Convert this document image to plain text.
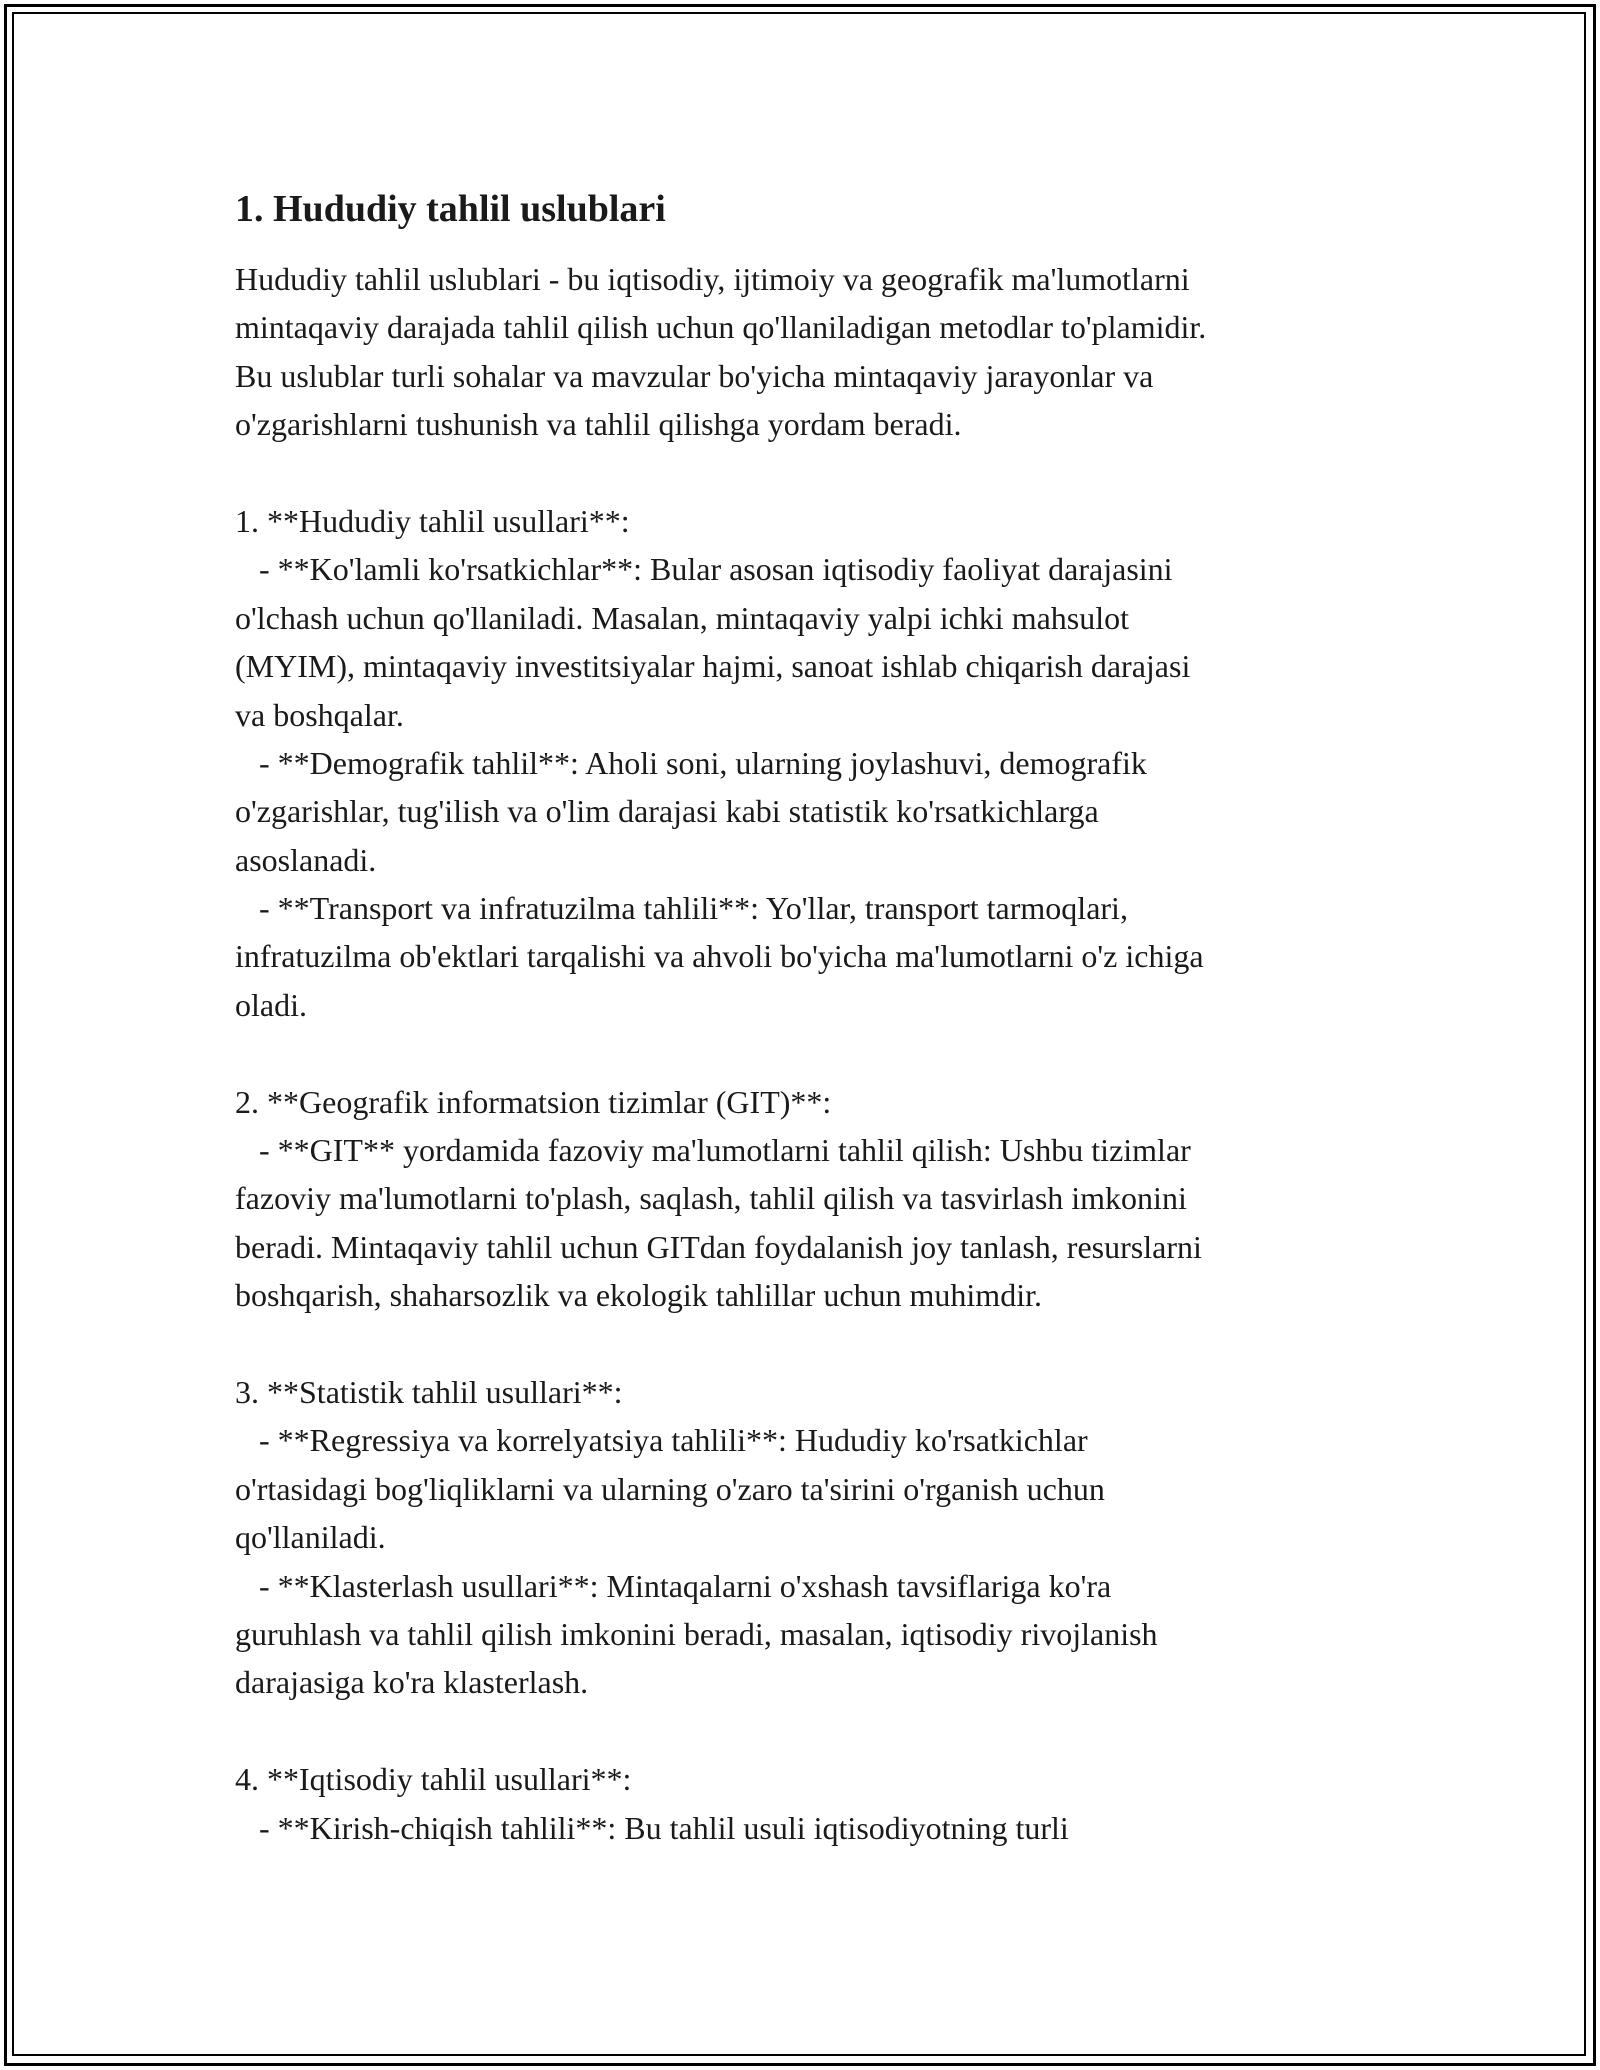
1. Hududiy tahlil uslublari

Hududiy tahlil uslublari - bu iqtisodiy, ijtimoiy va geografik ma'lumotlarni

mintaqaviy darajada tahlil qilish uchun qo'llaniladigan metodlar to'plamidir.

Bu uslublar turli sohalar va mavzular bo'yicha mintaqaviy jarayonlar va

o'zgarishlarni tushunish va tahlil qilishga yordam beradi.

1. **Hududiy tahlil usullari**:

- **Ko'lamli ko'rsatkichlar**: Bular asosan iqtisodiy faoliyat darajasini

o'lchash uchun qo'llaniladi. Masalan, mintaqaviy yalpi ichki mahsulot

(MYIM), mintaqaviy investitsiyalar hajmi, sanoat ishlab chiqarish darajasi

va boshqalar.

- **Demografik tahlil**: Aholi soni, ularning joylashuvi, demografik

o'zgarishlar, tug'ilish va o'lim darajasi kabi statistik ko'rsatkichlarga

asoslanadi.

- **Transport va infratuzilma tahlili**: Yo'llar, transport tarmoqlari,

infratuzilma ob'ektlari tarqalishi va ahvoli bo'yicha ma'lumotlarni o'z ichiga

oladi.

2. **Geografik informatsion tizimlar (GIT)**:

- **GIT** yordamida fazoviy ma'lumotlarni tahlil qilish: Ushbu tizimlar

fazoviy ma'lumotlarni to'plash, saqlash, tahlil qilish va tasvirlash imkonini

beradi. Mintaqaviy tahlil uchun GITdan foydalanish joy tanlash, resurslarni

boshqarish, shaharsozlik va ekologik tahlillar uchun muhimdir.

3. **Statistik tahlil usullari**:

- **Regressiya va korrelyatsiya tahlili**: Hududiy ko'rsatkichlar

o'rtasidagi bog'liqliklarni va ularning o'zaro ta'sirini o'rganish uchun

qo'llaniladi.

- **Klasterlash usullari**: Mintaqalarni o'xshash tavsiflariga ko'ra

guruhlash va tahlil qilish imkonini beradi, masalan, iqtisodiy rivojlanish

darajasiga ko'ra klasterlash.

4. **Iqtisodiy tahlil usullari**:

- **Kirish-chiqish tahlili**: Bu tahlil usuli iqtisodiyotning turli
